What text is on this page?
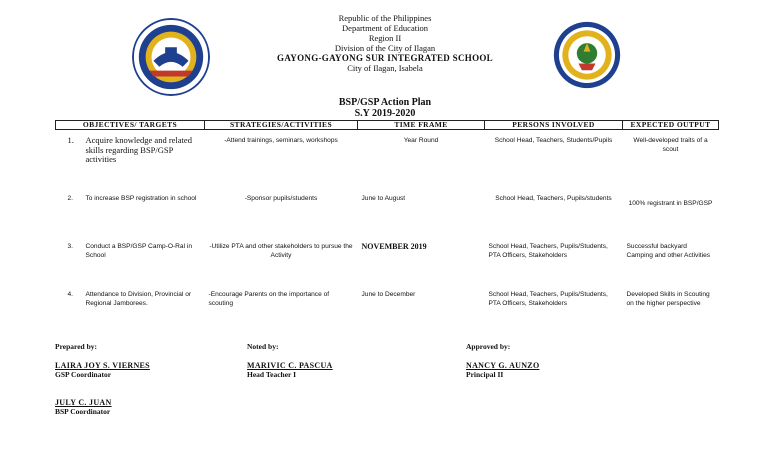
Republic of the Philippines
Department of Education
Region II
Division of the City of Ilagan
GAYONG-GAYONG SUR INTEGRATED SCHOOL
City of Ilagan, Isabela
BSP/GSP Action Plan
S.Y 2019-2020
OBJECTIVES/ TARGETS	STRATEGIES/ACTIVITIES	TIME FRAME	PERSONS INVOLVED	EXPECTED OUTPUT

1. Acquire knowledge and related skills regarding BSP/GSP activities	-Attend trainings, seminars, workshops	Year Round	School Head, Teachers, Students/Pupils	Well-developed traits of a scout

2. To increase BSP registration in school	-Sponsor pupils/students	June to August	School Head, Teachers, Pupils/students	100% registrant in BSP/GSP

3. Conduct a BSP/GSP Camp-O-Ral in School	-Utilize PTA and other stakeholders to pursue the Activity	NOVEMBER 2019	School Head, Teachers, Pupils/Students, PTA Officers, Stakeholders	Successful backyard Camping and other Activities

4. Attendance to Division, Provincial or Regional Jamborees.	-Encourage Parents on the importance of scouting	June to December	School Head, Teachers, Pupils/Students, PTA Officers, Stakeholders	Developed Skills in Scouting on the higher perspective
Prepared by:
LAIRA JOY S. VIERNES
GSP Coordinator
Noted by:
MARIVIC C. PASCUA
Head Teacher I
Approved by:
NANCY G. AUNZO
Principal II
JULY C. JUAN
BSP Coordinator
